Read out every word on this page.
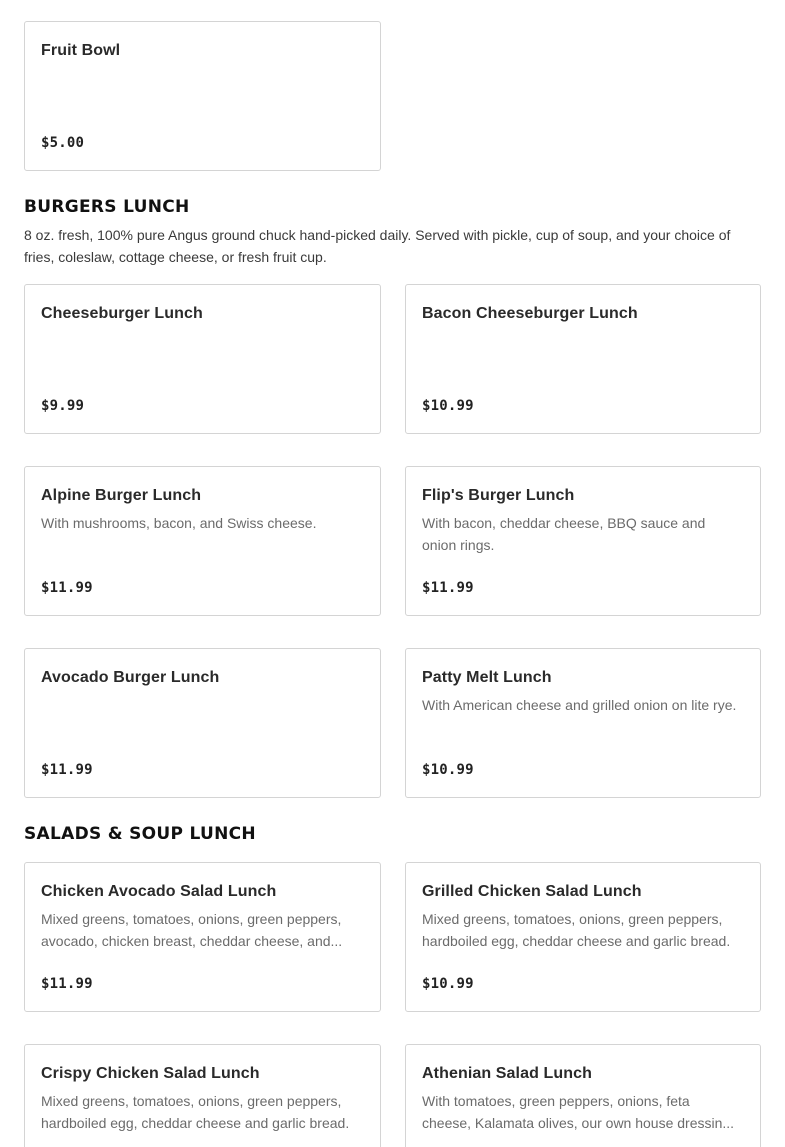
Fruit Bowl
$5.00
BURGERS LUNCH

8 oz. fresh, 100% pure Angus ground chuck hand-picked daily. Served with pickle, cup of soup, and your choice of fries, coleslaw, cottage cheese, or fresh fruit cup.

Cheeseburger Lunch
$9.99
Bacon Cheeseburger Lunch
$10.99
Alpine Burger Lunch
With mushrooms, bacon, and Swiss cheese.
$11.99
Flip's Burger Lunch
With bacon, cheddar cheese, BBQ sauce and onion rings.
$11.99
Avocado Burger Lunch
$11.99
Patty Melt Lunch
With American cheese and grilled onion on lite rye.
$10.99
SALADS & SOUP LUNCH
Chicken Avocado Salad Lunch
Mixed greens, tomatoes, onions, green peppers, avocado, chicken breast, cheddar cheese, and...
$11.99
Grilled Chicken Salad Lunch
Mixed greens, tomatoes, onions, green peppers, hardboiled egg, cheddar cheese and garlic bread.
$10.99
Crispy Chicken Salad Lunch
Mixed greens, tomatoes, onions, green peppers, hardboiled egg, cheddar cheese and garlic bread.
Athenian Salad Lunch
With tomatoes, green peppers, onions, feta cheese, Kalamata olives, our own house dressin...
